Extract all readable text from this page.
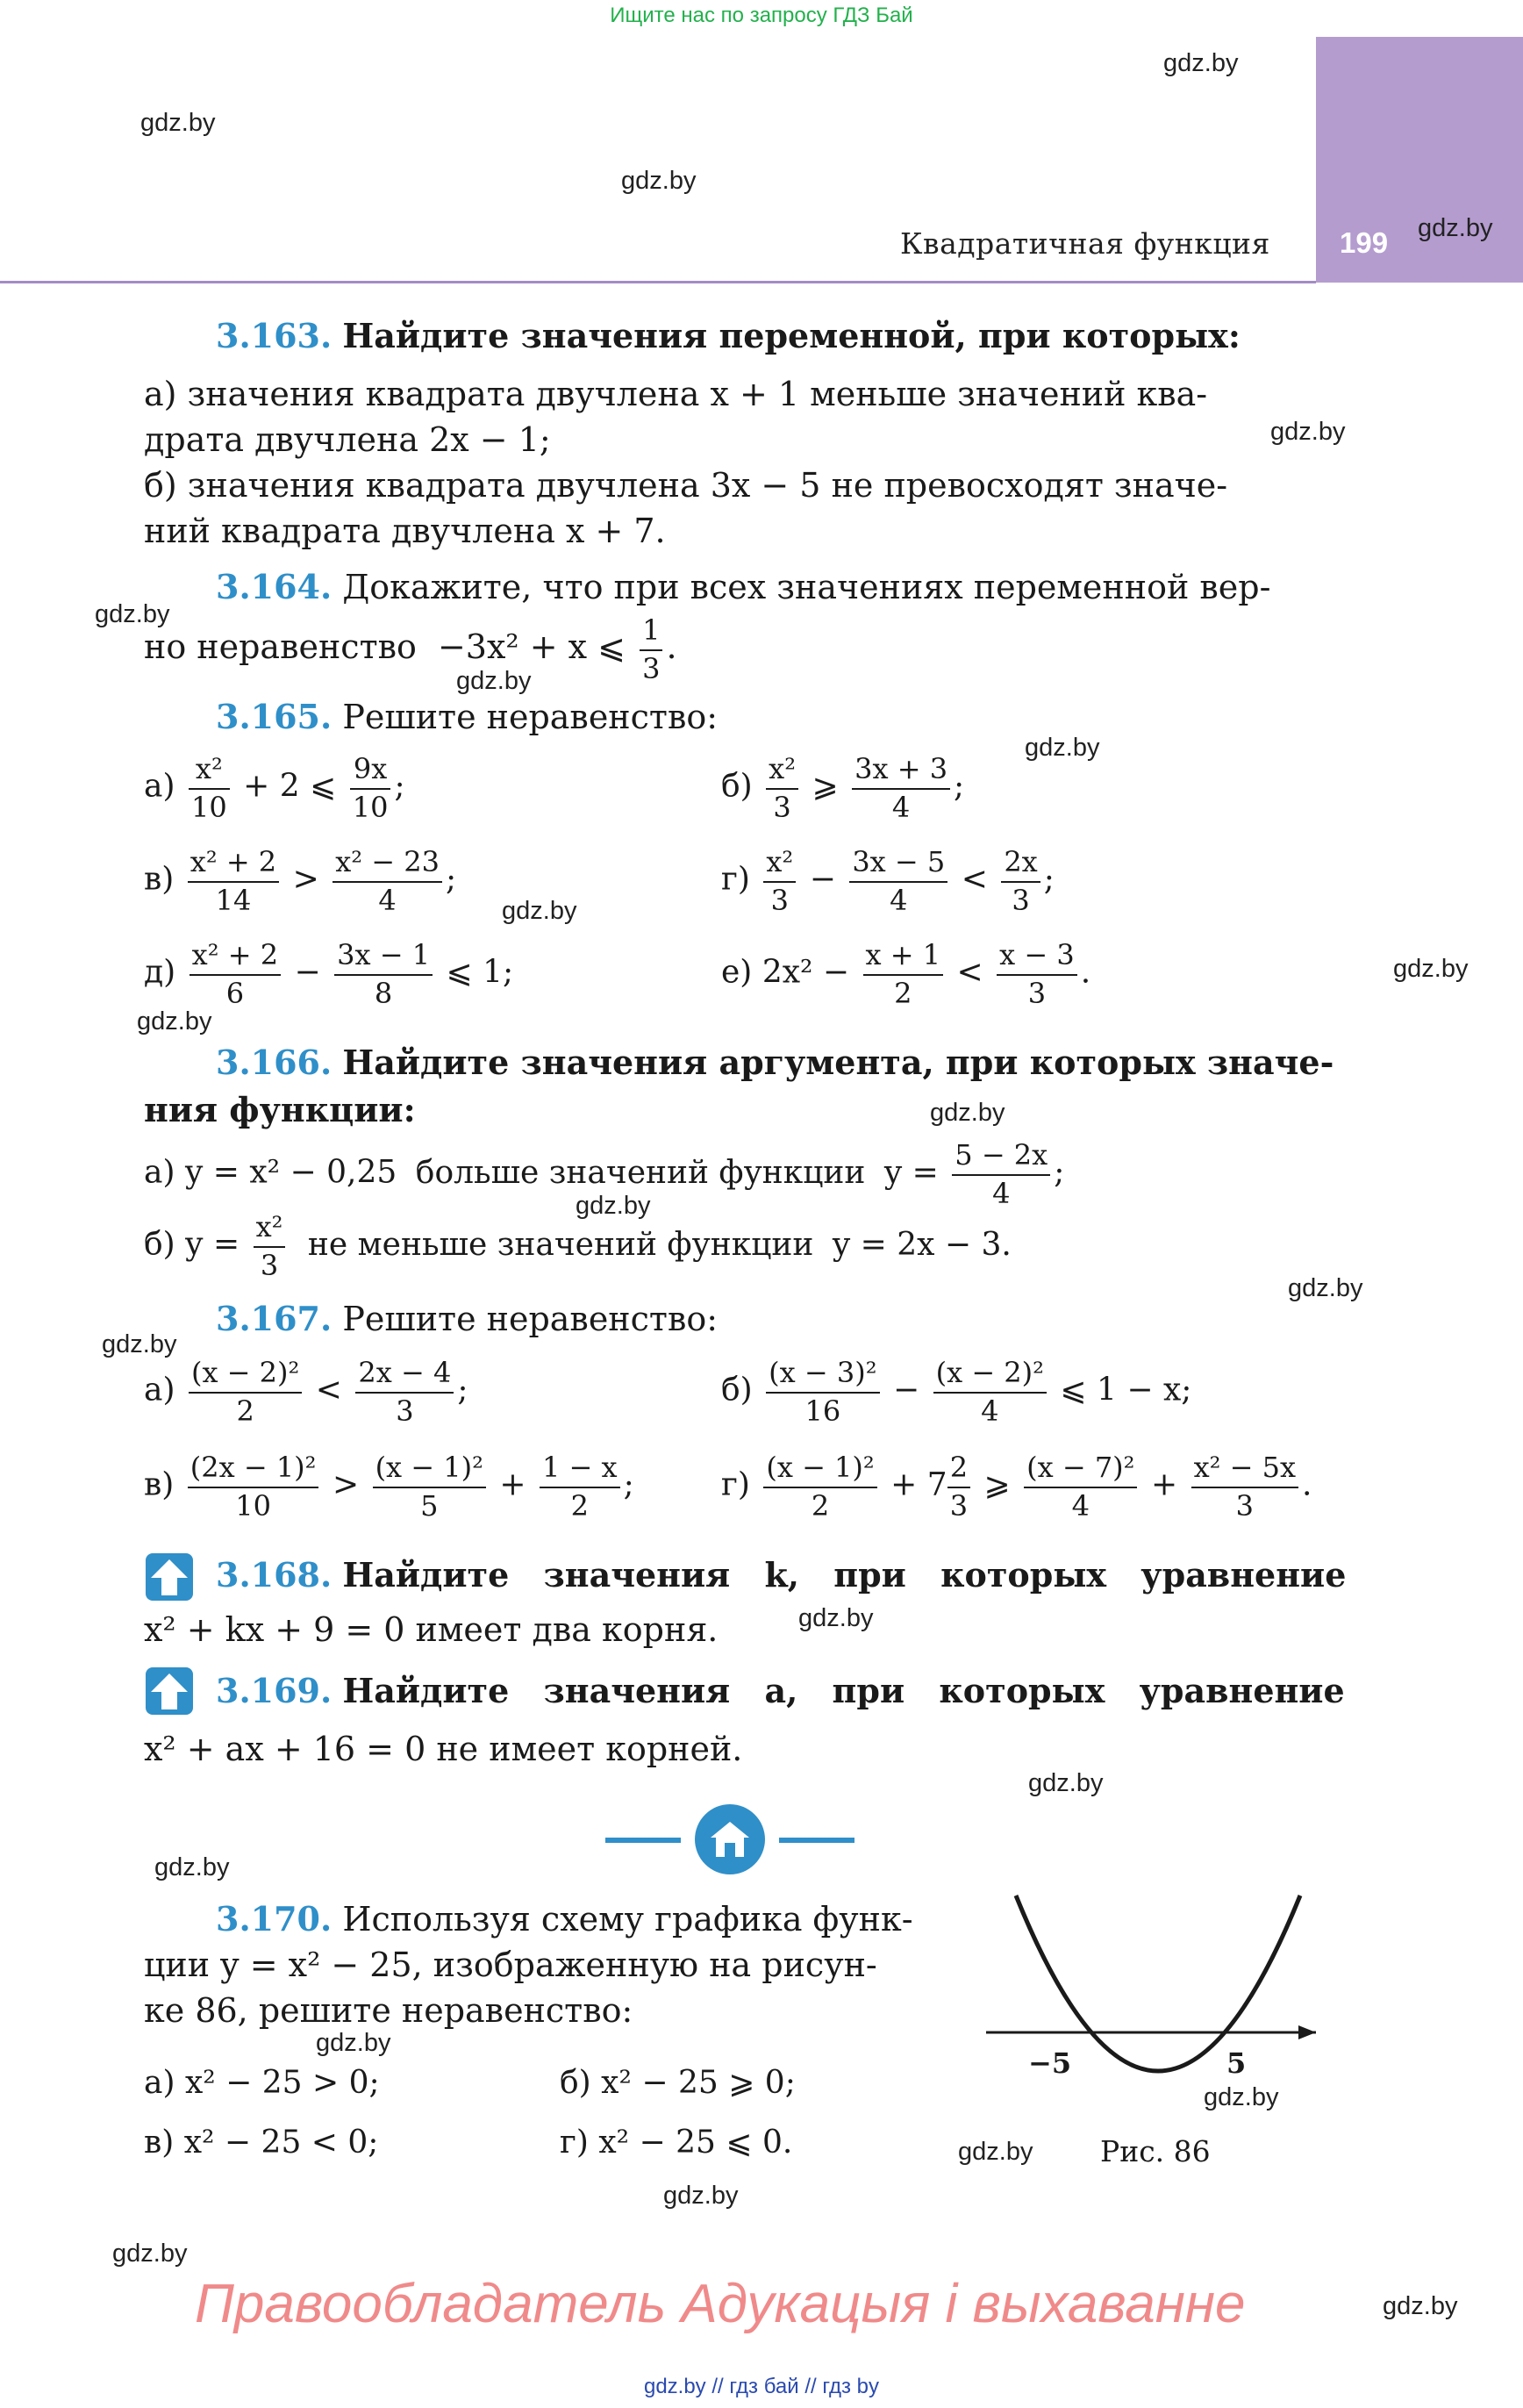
Ищите нас по запросу ГДЗ Бай
199
Квадратичная функция
gdz.by
gdz.by
gdz.by
gdz.by
gdz.by
gdz.by
gdz.by
gdz.by
gdz.by
gdz.by
gdz.by
gdz.by
gdz.by
gdz.by
gdz.by
gdz.by
gdz.by
gdz.by
gdz.by
gdz.by
gdz.by
gdz.by
gdz.by
gdz.by
3.163. Найдите значения переменной, при которых:
а) значения квадрата двучлена x + 1 меньше значений ква-
драта двучлена 2x − 1;
б) значения квадрата двучлена 3x − 5 не превосходят значе-
ний квадрата двучлена x + 7.
3.164. Докажите, что при всех значениях переменной вер-
но неравенство −3x² + x ⩽ $\frac{1}{3}$ .
3.165. Решите неравенство:
$а) \frac{\text{x²}}{10} + 2$ ⩽ $\frac{9x}{10}$ ;	$б) \frac{\text{x²}}{3}$ ⩾ $\frac{3x + 3}{4}$ ;
$в) \frac{\text{x² + 2}}{14} > \frac{\text{x² − 23}}{4}$ ;	$г) \frac{\text{x²}}{3} - \frac{3x - 5}{4} < \frac{2x}{3}$ ;
$д) \frac{\text{x² + 2}}{6} - \frac{3x - 1}{8}$ ⩽ 1;	е) $2x^2 - \frac{x + 1}{2} < \frac{x - 3}{3}$ .
3.166. Найдите значения аргумента, при которых значе-
ния функции:
а) y = x² − 0,25 больше значений функции $y = \frac{5 - 2x}{4}$ ;
б) $y = \frac{\text{x²}}{3}$ не меньше значений функции y = 2x − 3.
3.167. Решите неравенство:
$а) \frac{\text{(x − 2)²}}{2} < \frac{2x - 4}{3}$ ;	$б) \frac{\text{(x − 3)²}}{16} - \frac{\text{(x − 2)²}}{4}$ ⩽ 1 − x;
$в) \frac{\text{(2x − 1)²}}{10} > \frac{\text{(x − 1)²}}{5} + \frac{1 - x}{2}$ ;	$г) \frac{\text{(x − 1)²}}{2} + 7 \frac{2}{3}$ ⩾ $\frac{\text{(x − 7)²}}{4} + \frac{\text{x² − 5x}}{3}$ .
3.168. Найдите значения k, при которых уравнение
x² + kx + 9 = 0 имеет два корня.
3.169. Найдите значения a, при которых уравнение
x² + ax + 16 = 0 не имеет корней.
3.170. Используя схему графика функ-
ции y = x² − 25, изображенную на рисун-
ке 86, решите неравенство:
а) x² − 25 > 0;	б) x² − 25 ⩾ 0;
в) x² − 25 < 0;	г) x² − 25 ⩽ 0.
−5	5
Рис. 86
Правообладатель Адукацыя і выхаванне
gdz.by // гдз бай // гдз by
